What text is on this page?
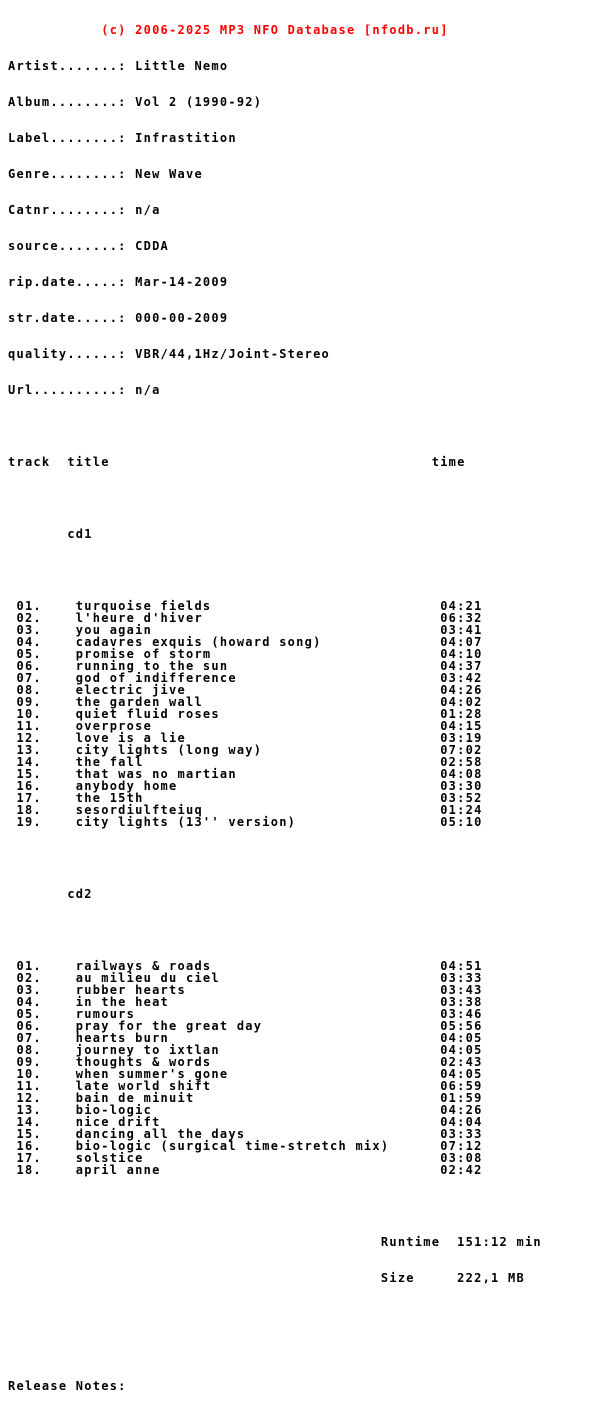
(c) 2006-2025 MP3 NFO Database [nfodb.ru]

Artist.......: Little Nemo

Album........: Vol 2 (1990-92)

Label........: Infrastition

Genre........: New Wave

Catnr........: n/a

source.......: CDDA

rip.date.....: Mar-14-2009

str.date.....: 000-00-2009

quality......: VBR/44,1Hz/Joint-Stereo

Url..........: n/a

track  title                                      time

cd1

01.    turquoise fields                           04:21
02.    l'heure d'hiver                            06:32
03.    you again                                  03:41
04.    cadavres exquis (howard song)              04:07
05.    promise of storm                           04:10
06.    running to the sun                         04:37
07.    god of indifference                        03:42
08.    electric jive                              04:26
09.    the garden wall                            04:02
10.    quiet fluid roses                          01:28
11.    overprose                                  04:15
12.    love is a lie                              03:19
13.    city lights (long way)                     07:02
14.    the fall                                   02:58
15.    that was no martian                        04:08
16.    anybody home                               03:30
17.    the 15th                                   03:52
18.    sesordiulfteiuq                            01:24
19.    city lights (13'' version)                 05:10

cd2

01.    railways & roads                           04:51
02.    au milieu du ciel                          03:33
03.    rubber hearts                              03:43
04.    in the heat                                03:38
05.    rumours                                    03:46
06.    pray for the great day                     05:56
07.    hearts burn                                04:05
08.    journey to ixtlan                          04:05
09.    thoughts & words                           02:43
10.    when summer's gone                         04:05
11.    late world shift                           06:59
12.    bain de minuit                             01:59
13.    bio-logic                                  04:26
14.    nice drift                                 04:04
15.    dancing all the days                       03:33
16.    bio-logic (surgical time-stretch mix)      07:12
17.    solstice                                   03:08
18.    april anne                                 02:42

Runtime  151:12 min

Size     222,1 MB

Release Notes:
